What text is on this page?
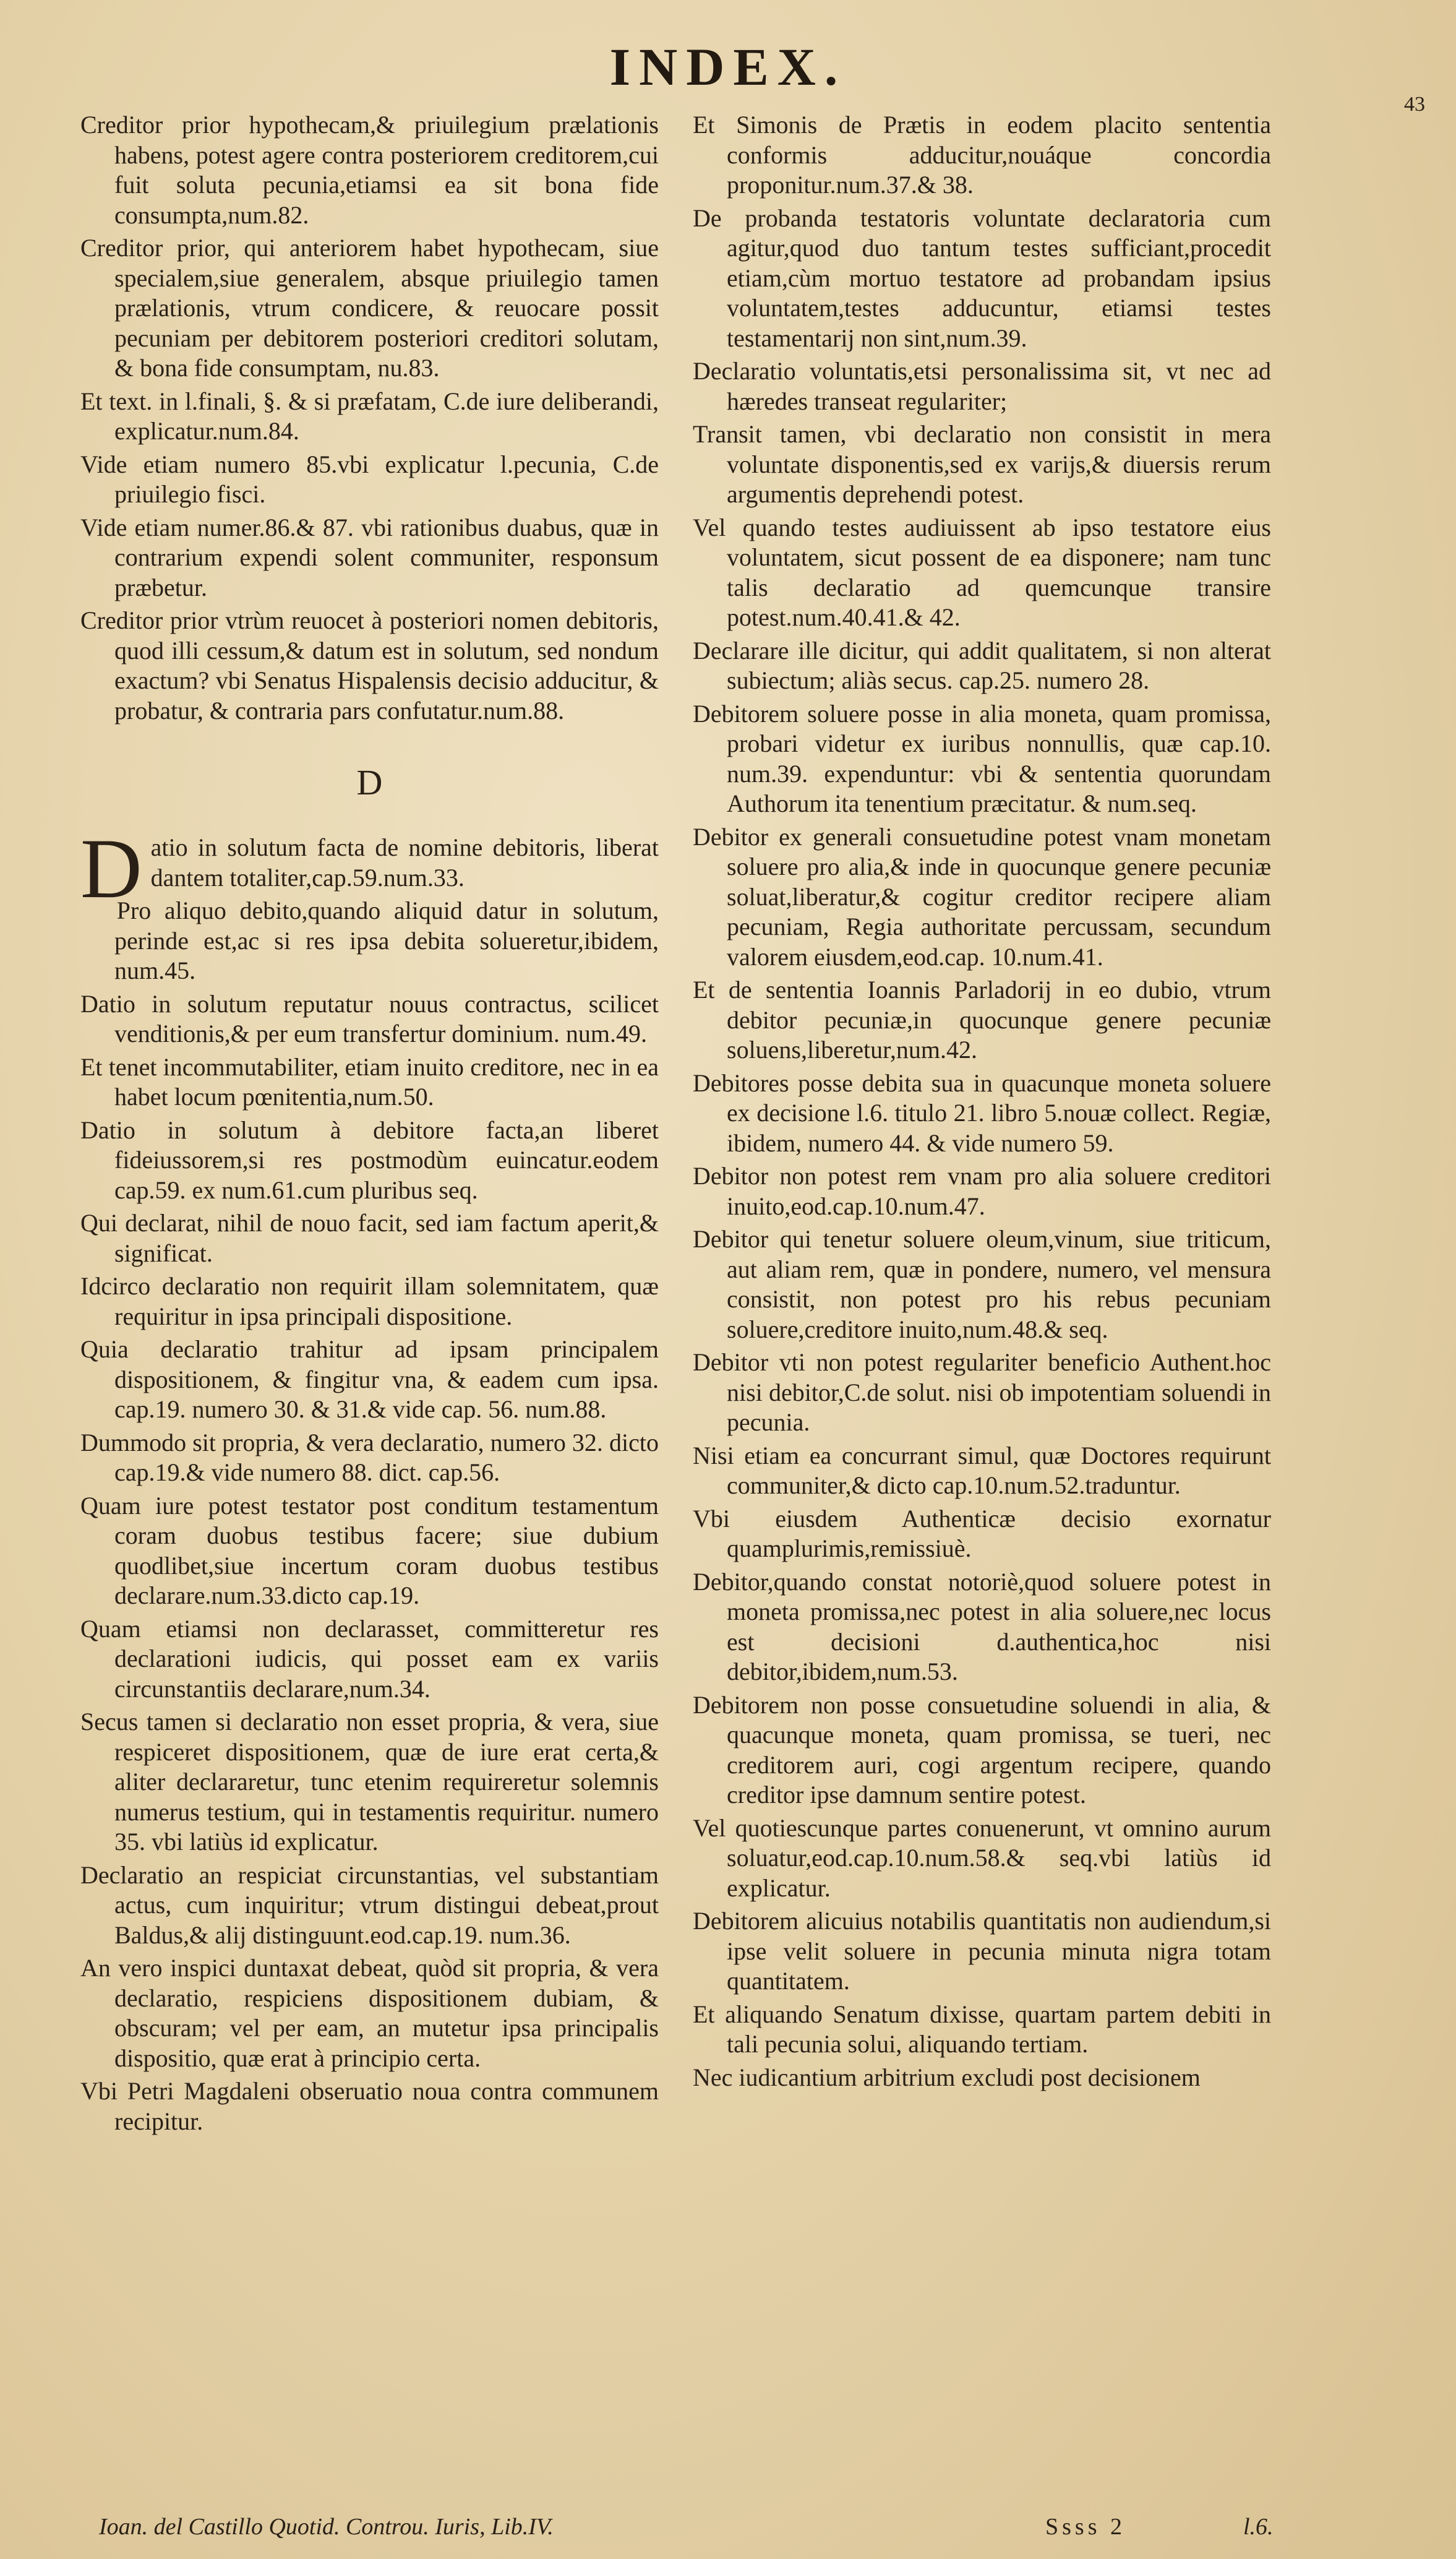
INDEX.
43

Creditor prior hypothecam,& priuilegium prælationis habens, potest agere contra posteriorem creditorem,cui fuit soluta pecunia,etiamsi ea sit bona fide consumpta,num.82.

Creditor prior, qui anteriorem habet hypothecam, siue specialem,siue generalem, absque priuilegio tamen prælationis, vtrum condicere, & reuocare possit pecuniam per debitorem posteriori creditori solutam, & bona fide consumptam, nu.83.

Et text. in l.finali, §. & si præfatam, C.de iure deliberandi, explicatur.num.84.

Vide etiam numero 85.vbi explicatur l.pecunia, C.de priuilegio fisci.

Vide etiam numer.86.& 87. vbi rationibus duabus, quæ in contrarium expendi solent communiter, responsum præbetur.

Creditor prior vtrùm reuocet à posteriori nomen debitoris, quod illi cessum,& datum est in solutum, sed nondum exactum? vbi Senatus Hispalensis decisio adducitur, & probatur, & contraria pars confutatur.num.88.

D

Datio in solutum facta de nomine debitoris, liberat dantem totaliter,cap.59.num.33.

Pro aliquo debito,quando aliquid datur in solutum, perinde est,ac si res ipsa debita solueretur,ibidem, num.45.

Datio in solutum reputatur nouus contractus, scilicet venditionis,& per eum transfertur dominium. num.49.

Et tenet incommutabiliter, etiam inuito creditore, nec in ea habet locum pœnitentia,num.50.

Datio in solutum à debitore facta,an liberet fideiussorem,si res postmodùm euincatur.eodem cap.59. ex num.61.cum pluribus seq.

Qui declarat, nihil de nouo facit, sed iam factum aperit,& significat.

Idcirco declaratio non requirit illam solemnitatem, quæ requiritur in ipsa principali dispositione.

Quia declaratio trahitur ad ipsam principalem dispositionem, & fingitur vna, & eadem cum ipsa. cap.19. numero 30. & 31.& vide cap. 56. num.88.

Dummodo sit propria, & vera declaratio, numero 32. dicto cap.19.& vide numero 88. dict. cap.56.

Quam iure potest testator post conditum testamentum coram duobus testibus facere; siue dubium quodlibet,siue incertum coram duobus testibus declarare.num.33.dicto cap.19.

Quam etiamsi non declarasset, committeretur res declarationi iudicis, qui posset eam ex variis circunstantiis declarare,num.34.

Secus tamen si declaratio non esset propria, & vera, siue respiceret dispositionem, quæ de iure erat certa,& aliter declararetur, tunc etenim requireretur solemnis numerus testium, qui in testamentis requiritur. numero 35. vbi latiùs id explicatur.

Declaratio an respiciat circunstantias, vel substantiam actus, cum inquiritur; vtrum distingui debeat,prout Baldus,& alij distinguunt.eod.cap.19. num.36.

An vero inspici duntaxat debeat, quòd sit propria, & vera declaratio, respiciens dispositionem dubiam, & obscuram; vel per eam, an mutetur ipsa principalis dispositio, quæ erat à principio certa.

Vbi Petri Magdaleni obseruatio noua contra communem recipitur.

Et Simonis de Prætis in eodem placito sententia conformis adducitur,nouáque concordia proponitur.num.37.& 38.

De probanda testatoris voluntate declaratoria cum agitur,quod duo tantum testes sufficiant,procedit etiam,cùm mortuo testatore ad probandam ipsius voluntatem,testes adducuntur, etiamsi testes testamentarij non sint,num.39.

Declaratio voluntatis,etsi personalissima sit, vt nec ad hæredes transeat regulariter;

Transit tamen, vbi declaratio non consistit in mera voluntate disponentis,sed ex varijs,& diuersis rerum argumentis deprehendi potest.

Vel quando testes audiuissent ab ipso testatore eius voluntatem, sicut possent de ea disponere; nam tunc talis declaratio ad quemcunque transire potest.num.40.41.& 42.

Declarare ille dicitur, qui addit qualitatem, si non alterat subiectum; aliàs secus. cap.25. numero 28.

Debitorem soluere posse in alia moneta, quam promissa, probari videtur ex iuribus nonnullis, quæ cap.10. num.39. expenduntur: vbi & sententia quorundam Authorum ita tenentium præcitatur. & num.seq.

Debitor ex generali consuetudine potest vnam monetam soluere pro alia,& inde in quocunque genere pecuniæ soluat,liberatur,& cogitur creditor recipere aliam pecuniam, Regia authoritate percussam, secundum valorem eiusdem,eod.cap. 10.num.41.

Et de sententia Ioannis Parladorij in eo dubio, vtrum debitor pecuniæ,in quocunque genere pecuniæ soluens,liberetur,num.42.

Debitores posse debita sua in quacunque moneta soluere ex decisione l.6. titulo 21. libro 5.nouæ collect. Regiæ, ibidem, numero 44. & vide numero 59.

Debitor non potest rem vnam pro alia soluere creditori inuito,eod.cap.10.num.47.

Debitor qui tenetur soluere oleum,vinum, siue triticum, aut aliam rem, quæ in pondere, numero, vel mensura consistit, non potest pro his rebus pecuniam soluere,creditore inuito,num.48.& seq.

Debitor vti non potest regulariter beneficio Authent.hoc nisi debitor,C.de solut. nisi ob impotentiam soluendi in pecunia.

Nisi etiam ea concurrant simul, quæ Doctores requirunt communiter,& dicto cap.10.num.52.traduntur.

Vbi eiusdem Authenticæ decisio exornatur quamplurimis,remissiuè.

Debitor,quando constat notoriè,quod soluere potest in moneta promissa,nec potest in alia soluere,nec locus est decisioni d.authentica,hoc nisi debitor,ibidem,num.53.

Debitorem non posse consuetudine soluendi in alia, & quacunque moneta, quam promissa, se tueri, nec creditorem auri, cogi argentum recipere, quando creditor ipse damnum sentire potest.

Vel quotiescunque partes conuenerunt, vt omnino aurum soluatur,eod.cap.10.num.58.& seq.vbi latiùs id explicatur.

Debitorem alicuius notabilis quantitatis non audiendum,si ipse velit soluere in pecunia minuta nigra totam quantitatem.

Et aliquando Senatum dixisse, quartam partem debiti in tali pecunia solui, aliquando tertiam.

Nec iudicantium arbitrium excludi post decisionem

Ioan. del Castillo Quotid. Controu. Iuris, Lib.IV.	Ssss 2	l.6.
